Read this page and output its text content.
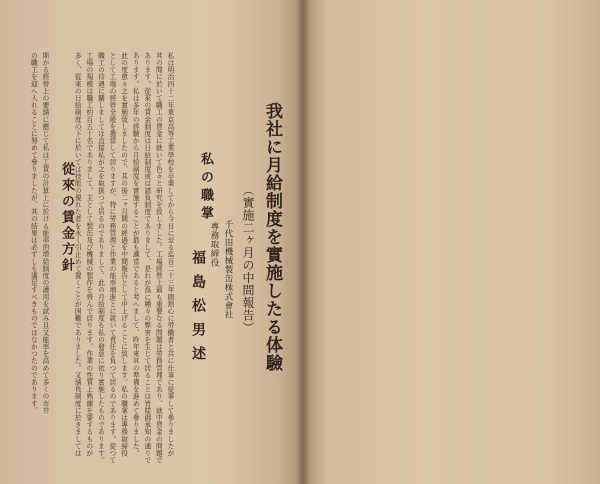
我社に月給制度を實施したる体驗
（實施二ヶ月の中間報告）
千代田機械製缶株式會社
專務取締役
福島松男述
私の職掌
私は明治四十二年東京高等工業學校を卒業してから今日に至る迄百二十三年間熱心に勞働者と共に仕事に従事して參りましたが
其の間に於いて職工の賃金に就いて色々と研究を致しました。工場經營上最も重要なる問題は勞務管理であり、就中賃金の問題で
あります。從來の賃金制度は日給制度或は請負制度でありまして、是れが爲に種々の弊害を生じて居ることは皆樣御承知の通りで
あります。私は多年の經驗から月給制度を實施することが最も適當であると考へまして、昨年來其の準備を進めて參りました。
此の度愈々之を實施致しましたので、其の後二ヶ月間の經過を中間報告として申上げることに致します。私の職掌は專務取締役
として工場の經營全般を擔當して居りますが、特に勞務管理と作業の能率増進とに就いて責任を負つて居るのであります。從つて
職工の待遇に關しましては直接私が之を取扱つて居るのでありまして、此の月給制度も私の發意に依り實施したものであります。
工場の規模は職工約百五十名でありまして、主として製缶及び機械の製作を營んで居ります。作業の性質上熟練を要するものが
多く、從來の日給制度の下に於いては技能の優れた者を永く引止めて置くことが困難でありました。又請負制度に於きましては
從來の賃金方針
斯かる經營上の要請に應じて私は工賃の計算上に於ける能率的增給制度の適用を試み且又能率を高めて多くの市井
の職工を迎へ入れることに努めて參りましたが、其の結果は必ずしも滿足すべきものではなかつたのであります。
